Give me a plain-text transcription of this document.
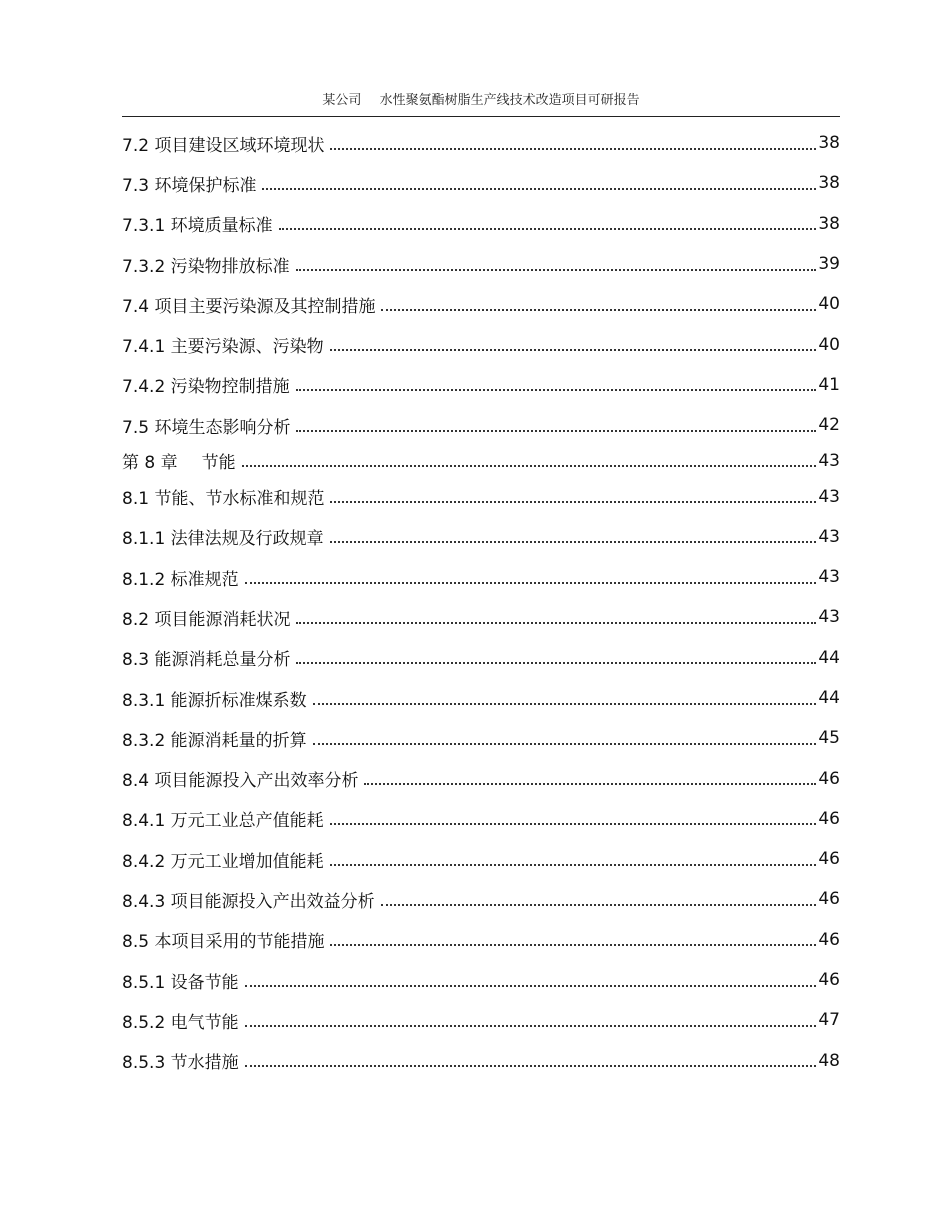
某公司 水性聚氨酯树脂生产线技术改造项目可研报告
7.2 项目建设区域环境现状	38
7.3 环境保护标准	38
7.3.1 环境质量标准	38
7.3.2 污染物排放标准	39
7.4 项目主要污染源及其控制措施	40
7.4.1 主要污染源、污染物	40
7.4.2 污染物控制措施	41
7.5 环境生态影响分析	42
第 8 章 节能	43
8.1 节能、节水标准和规范	43
8.1.1 法律法规及行政规章	43
8.1.2 标准规范	43
8.2 项目能源消耗状况	43
8.3 能源消耗总量分析	44
8.3.1 能源折标准煤系数	44
8.3.2 能源消耗量的折算	45
8.4 项目能源投入产出效率分析	46
8.4.1 万元工业总产值能耗	46
8.4.2 万元工业增加值能耗	46
8.4.3 项目能源投入产出效益分析	46
8.5 本项目采用的节能措施	46
8.5.1 设备节能	46
8.5.2 电气节能	47
8.5.3 节水措施	48
